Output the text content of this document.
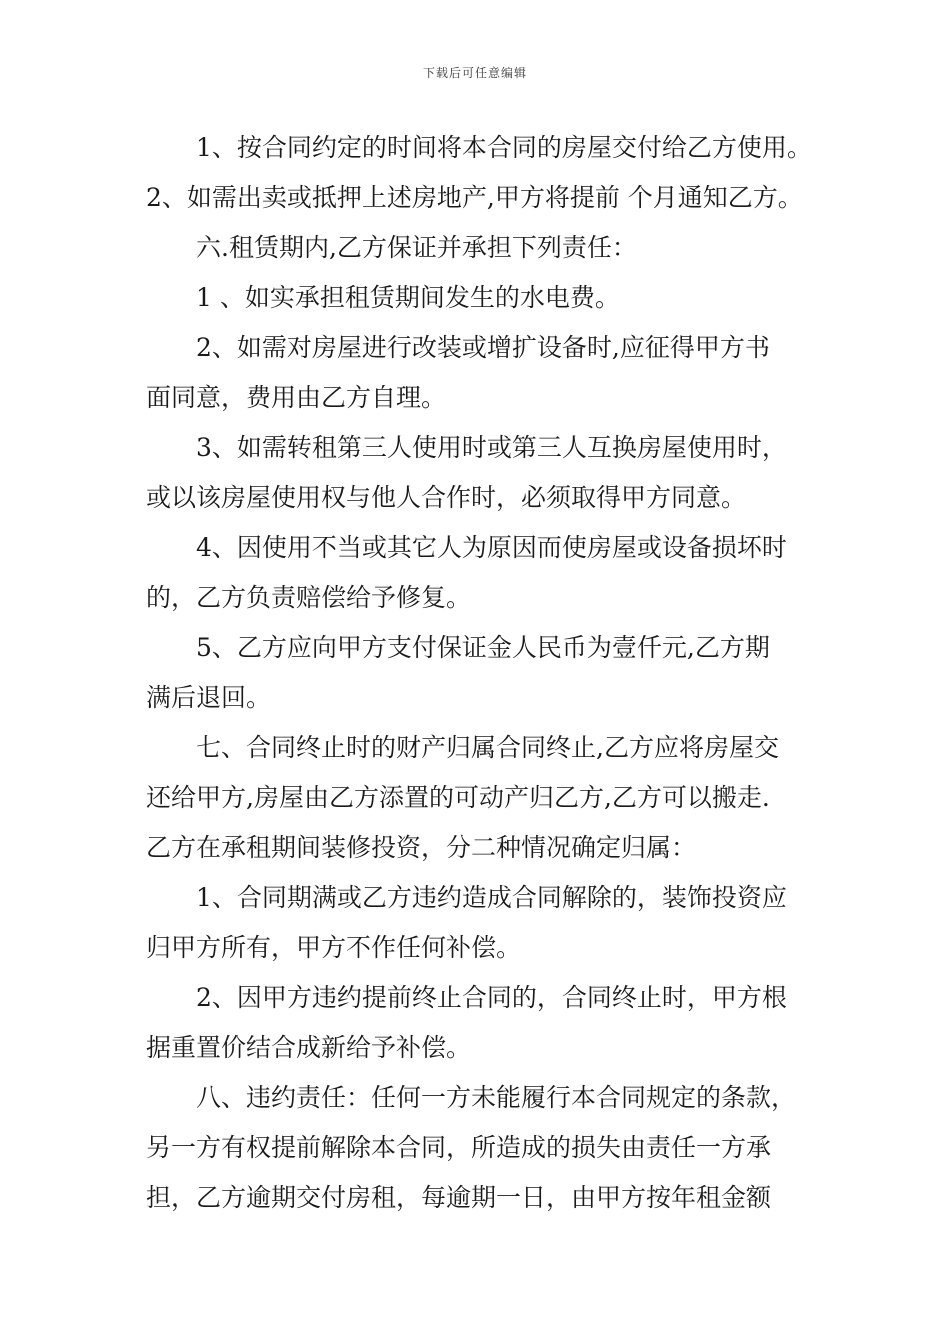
下载后可任意编辑
1、按合同约定的时间将本合同的房屋交付给乙方使用。
2、如需出卖或抵押上述房地产,甲方将提前 个月通知乙方。
六.租赁期内,乙方保证并承担下列责任：
1 、如实承担租赁期间发生的水电费。
2、如需对房屋进行改装或增扩设备时,应征得甲方书
面同意，费用由乙方自理。
3、如需转租第三人使用时或第三人互换房屋使用时，
或以该房屋使用权与他人合作时，必须取得甲方同意。
4、因使用不当或其它人为原因而使房屋或设备损坏时
的，乙方负责赔偿给予修复。
5、乙方应向甲方支付保证金人民币为壹仟元,乙方期
满后退回。
七、合同终止时的财产归属合同终止,乙方应将房屋交
还给甲方,房屋由乙方添置的可动产归乙方,乙方可以搬走.
乙方在承租期间装修投资，分二种情况确定归属：
1、合同期满或乙方违约造成合同解除的，装饰投资应
归甲方所有，甲方不作任何补偿。
2、因甲方违约提前终止合同的，合同终止时，甲方根
据重置价结合成新给予补偿。
八、违约责任：任何一方未能履行本合同规定的条款，
另一方有权提前解除本合同，所造成的损失由责任一方承
担，乙方逾期交付房租，每逾期一日，由甲方按年租金额
